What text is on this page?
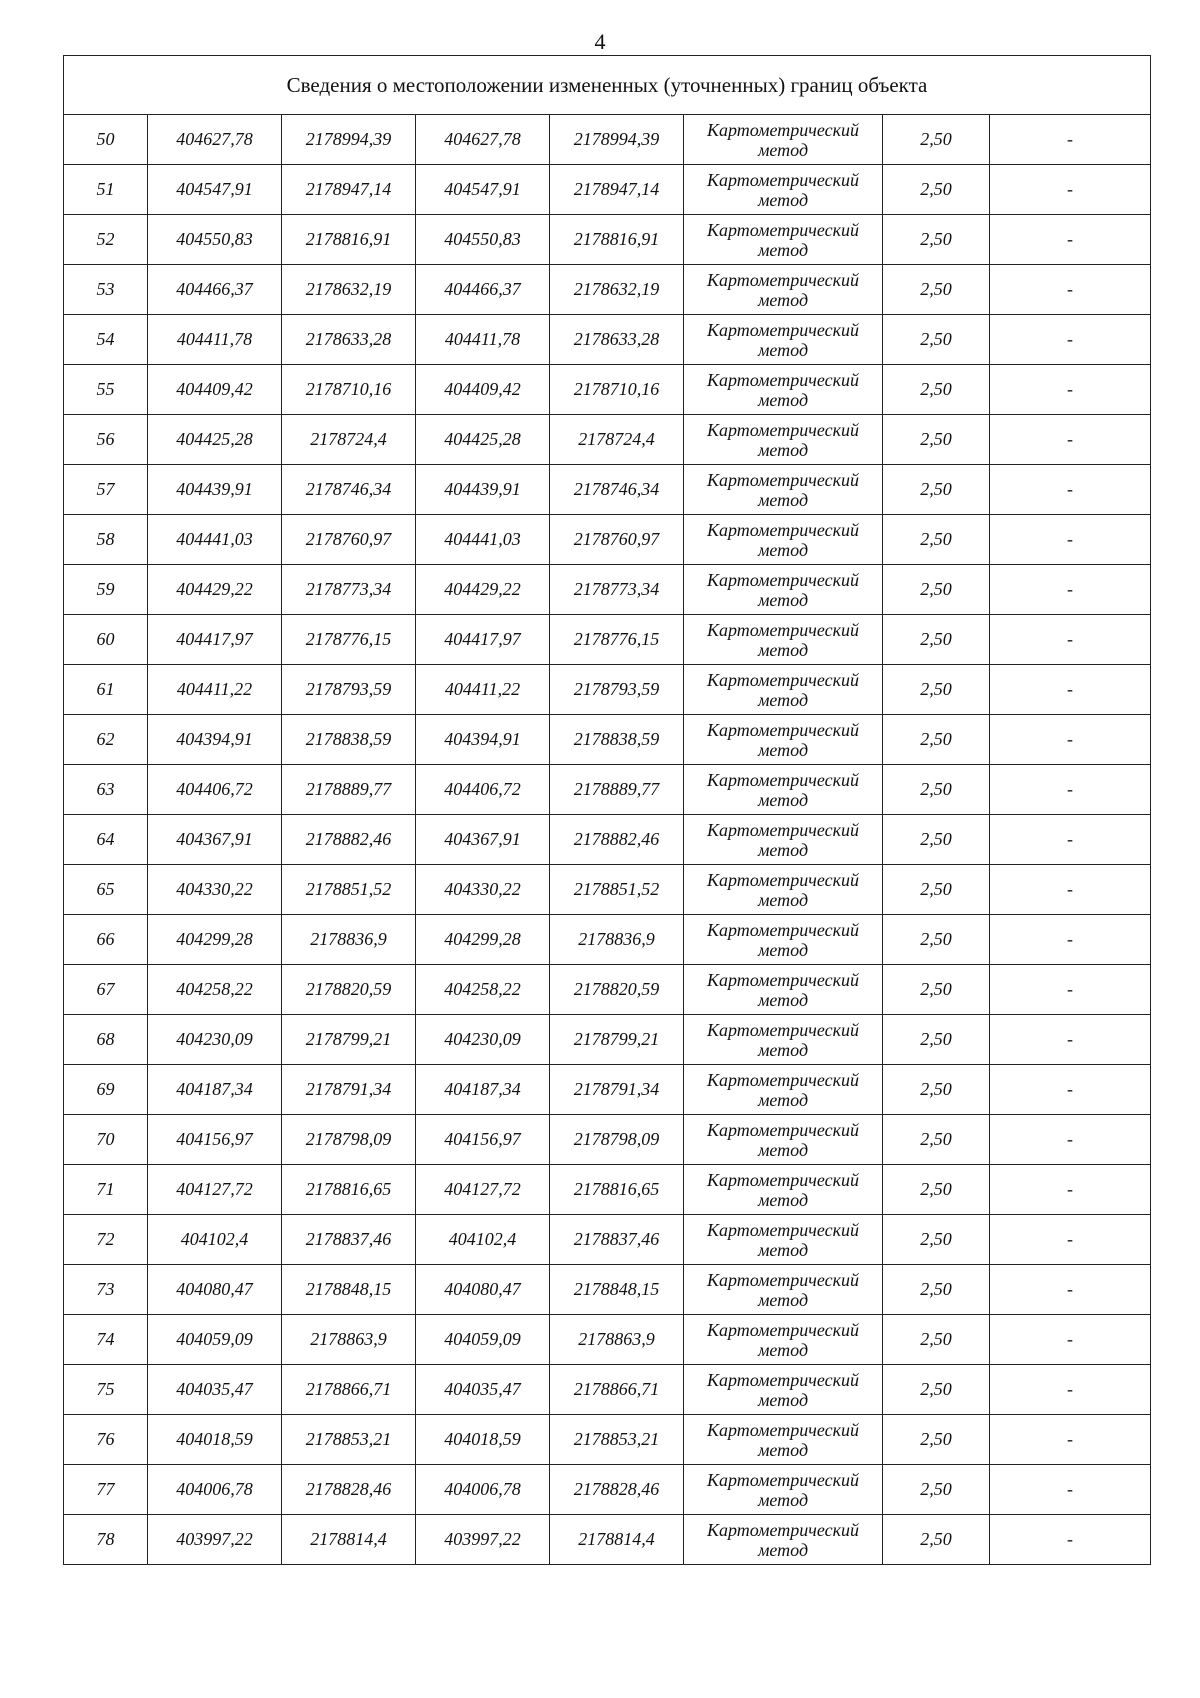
4
Сведения о местоположении измененных (уточненных) границ объекта							
50	404627,78	2178994,39	404627,78	2178994,39	Картометрический метод	2,50	-
51	404547,91	2178947,14	404547,91	2178947,14	Картометрический метод	2,50	-
52	404550,83	2178816,91	404550,83	2178816,91	Картометрический метод	2,50	-
53	404466,37	2178632,19	404466,37	2178632,19	Картометрический метод	2,50	-
54	404411,78	2178633,28	404411,78	2178633,28	Картометрический метод	2,50	-
55	404409,42	2178710,16	404409,42	2178710,16	Картометрический метод	2,50	-
56	404425,28	2178724,4	404425,28	2178724,4	Картометрический метод	2,50	-
57	404439,91	2178746,34	404439,91	2178746,34	Картометрический метод	2,50	-
58	404441,03	2178760,97	404441,03	2178760,97	Картометрический метод	2,50	-
59	404429,22	2178773,34	404429,22	2178773,34	Картометрический метод	2,50	-
60	404417,97	2178776,15	404417,97	2178776,15	Картометрический метод	2,50	-
61	404411,22	2178793,59	404411,22	2178793,59	Картометрический метод	2,50	-
62	404394,91	2178838,59	404394,91	2178838,59	Картометрический метод	2,50	-
63	404406,72	2178889,77	404406,72	2178889,77	Картометрический метод	2,50	-
64	404367,91	2178882,46	404367,91	2178882,46	Картометрический метод	2,50	-
65	404330,22	2178851,52	404330,22	2178851,52	Картометрический метод	2,50	-
66	404299,28	2178836,9	404299,28	2178836,9	Картометрический метод	2,50	-
67	404258,22	2178820,59	404258,22	2178820,59	Картометрический метод	2,50	-
68	404230,09	2178799,21	404230,09	2178799,21	Картометрический метод	2,50	-
69	404187,34	2178791,34	404187,34	2178791,34	Картометрический метод	2,50	-
70	404156,97	2178798,09	404156,97	2178798,09	Картометрический метод	2,50	-
71	404127,72	2178816,65	404127,72	2178816,65	Картометрический метод	2,50	-
72	404102,4	2178837,46	404102,4	2178837,46	Картометрический метод	2,50	-
73	404080,47	2178848,15	404080,47	2178848,15	Картометрический метод	2,50	-
74	404059,09	2178863,9	404059,09	2178863,9	Картометрический метод	2,50	-
75	404035,47	2178866,71	404035,47	2178866,71	Картометрический метод	2,50	-
76	404018,59	2178853,21	404018,59	2178853,21	Картометрический метод	2,50	-
77	404006,78	2178828,46	404006,78	2178828,46	Картометрический метод	2,50	-
78	403997,22	2178814,4	403997,22	2178814,4	Картометрический метод	2,50	-
